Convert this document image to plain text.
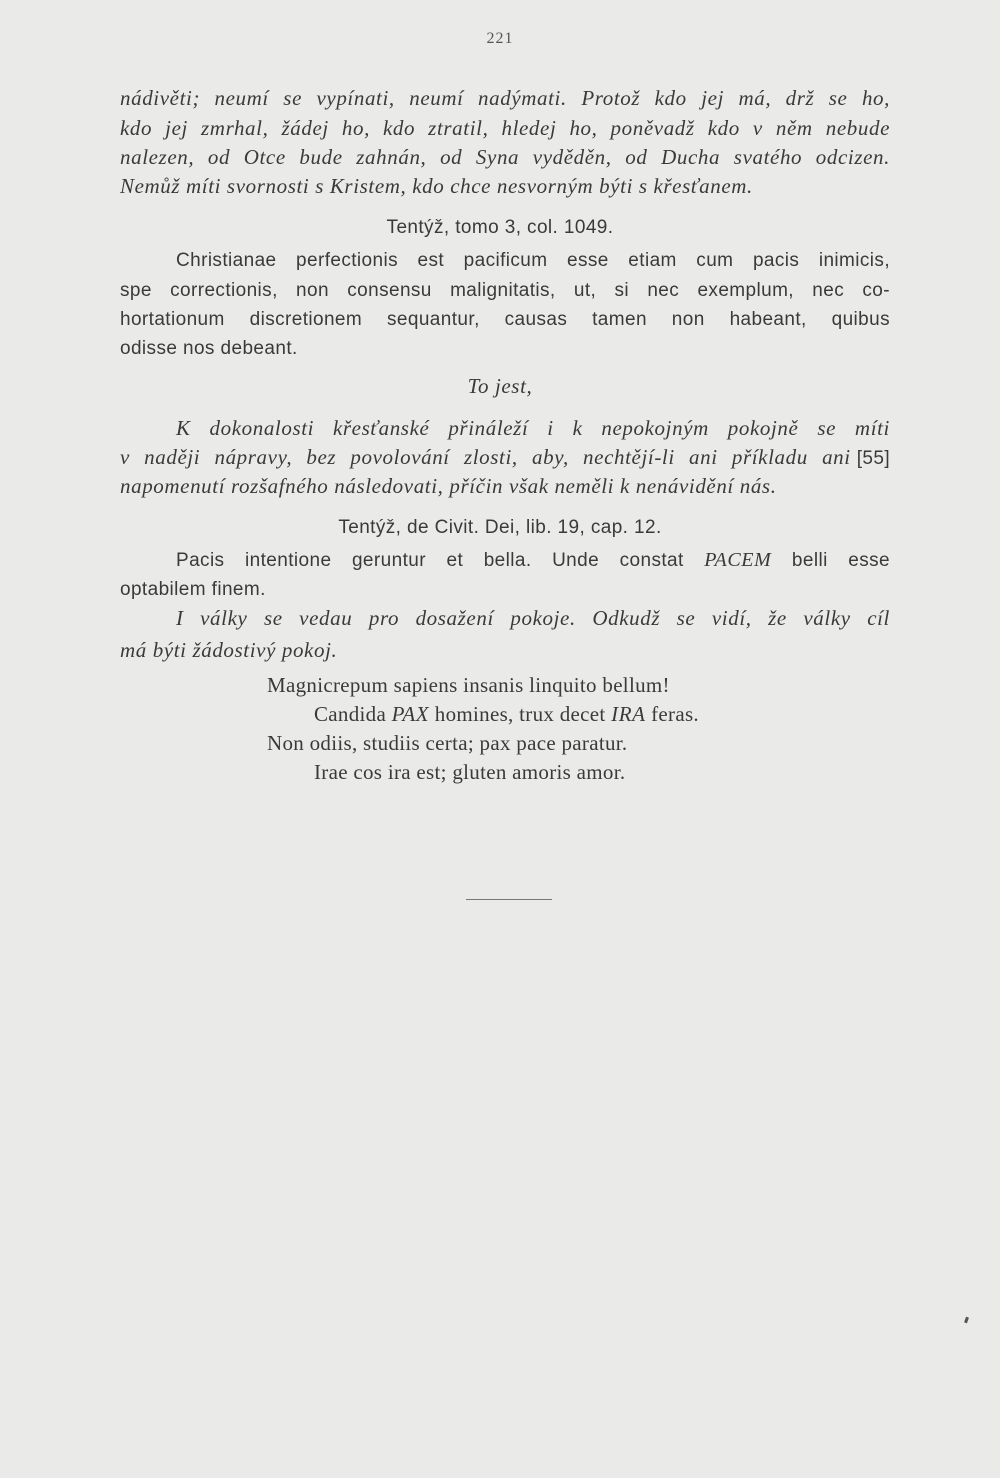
221
nádivěti; neumí se vypínati, neumí nadýmati. Protož kdo jej má, drž se ho,
kdo jej zmrhal, žádej ho, kdo ztratil, hledej ho, poněvadž kdo v něm nebude
nalezen, od Otce bude zahnán, od Syna vyděděn, od Ducha svatého odcizen.
Nemůž míti svornosti s Kristem, kdo chce nesvorným býti s křesťanem.
Tentýž, tomo 3, col. 1049.
Christianae perfectionis est pacificum esse etiam cum pacis inimicis,
spe correctionis, non consensu malignitatis, ut, si nec exemplum, nec co-
hortationum discretionem sequantur, causas tamen non habeant, quibus
odisse nos debeant.
To jest,
K dokonalosti křesťanské přináleží i k nepokojným pokojně se míti
v naději nápravy, bez povolování zlosti, aby, nechtějí-li ani příkladu ani [55]
napomenutí rozšafného následovati, příčin však neměli k nenávidění nás.
Tentýž, de Civit. Dei, lib. 19, cap. 12.
Pacis intentione geruntur et bella. Unde constat PACEM belli esse
optabilem finem.
I války se vedau pro dosažení pokoje. Odkudž se vidí, že války cíl
má býti žádostivý pokoj.
Magnicrepum sapiens insanis linquito bellum!
Candida PAX homines, trux decet IRA feras.
Non odiis, studiis certa; pax pace paratur.
Irae cos ira est; gluten amoris amor.
